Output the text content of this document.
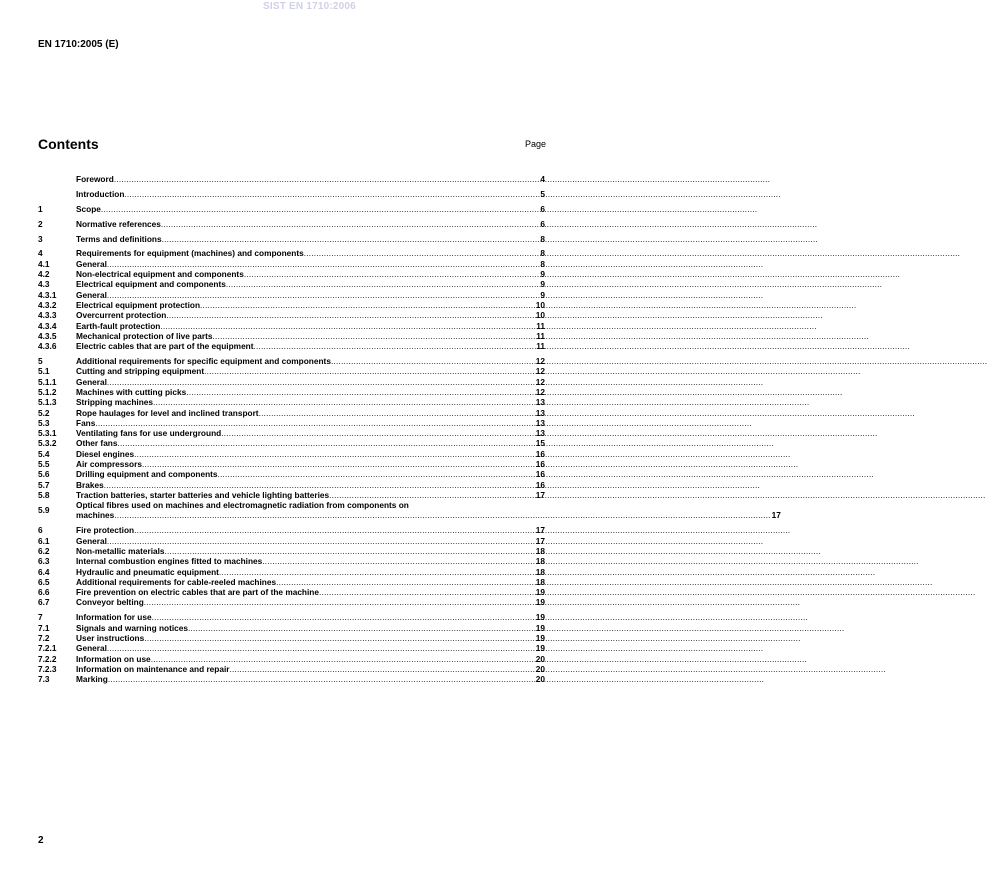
SIST EN 1710:2006
EN 1710:2005 (E)
Contents	Page
Foreword .....	4
Introduction .....	5
1	Scope .....	6
2	Normative references .....	6
3	Terms and definitions .....	8
4	Requirements for equipment (machines) and components .....	8
4.1	General .....	8
4.2	Non-electrical equipment and components .....	9
4.3	Electrical equipment and components .....	9
4.3.1	General .....	9
4.3.2	Electrical equipment protection .....	10
4.3.3	Overcurrent protection .....	10
4.3.4	Earth-fault protection .....	11
4.3.5	Mechanical protection of live parts .....	11
4.3.6	Electric cables that are part of the equipment .....	11
5	Additional requirements for specific equipment and components .....	12
5.1	Cutting and stripping equipment .....	12
5.1.1	General .....	12
5.1.2	Machines with cutting picks .....	12
5.1.3	Stripping machines .....	13
5.2	Rope haulages for level and inclined transport .....	13
5.3	Fans .....	13
5.3.1	Ventilating fans for use underground .....	13
5.3.2	Other fans .....	15
5.4	Diesel engines .....	16
5.5	Air compressors .....	16
5.6	Drilling equipment and components .....	16
5.7	Brakes .....	16
5.8	Traction batteries, starter batteries and vehicle lighting batteries .....	17
5.9	Optical fibres used on machines and electromagnetic radiation from components on
machines .....	17
6	Fire protection .....	17
6.1	General .....	17
6.2	Non-metallic materials .....	18
6.3	Internal combustion engines fitted to machines .....	18
6.4	Hydraulic and pneumatic equipment .....	18
6.5	Additional requirements for cable-reeled machines .....	18
6.6	Fire prevention on electric cables that are part of the machine .....	19
6.7	Conveyor belting .....	19
7	Information for use .....	19
7.1	Signals and warning notices .....	19
7.2	User instructions .....	19
7.2.1	General .....	19
7.2.2	Information on use .....	20
7.2.3	Information on maintenance and repair .....	20
7.3	Marking .....	20
2
